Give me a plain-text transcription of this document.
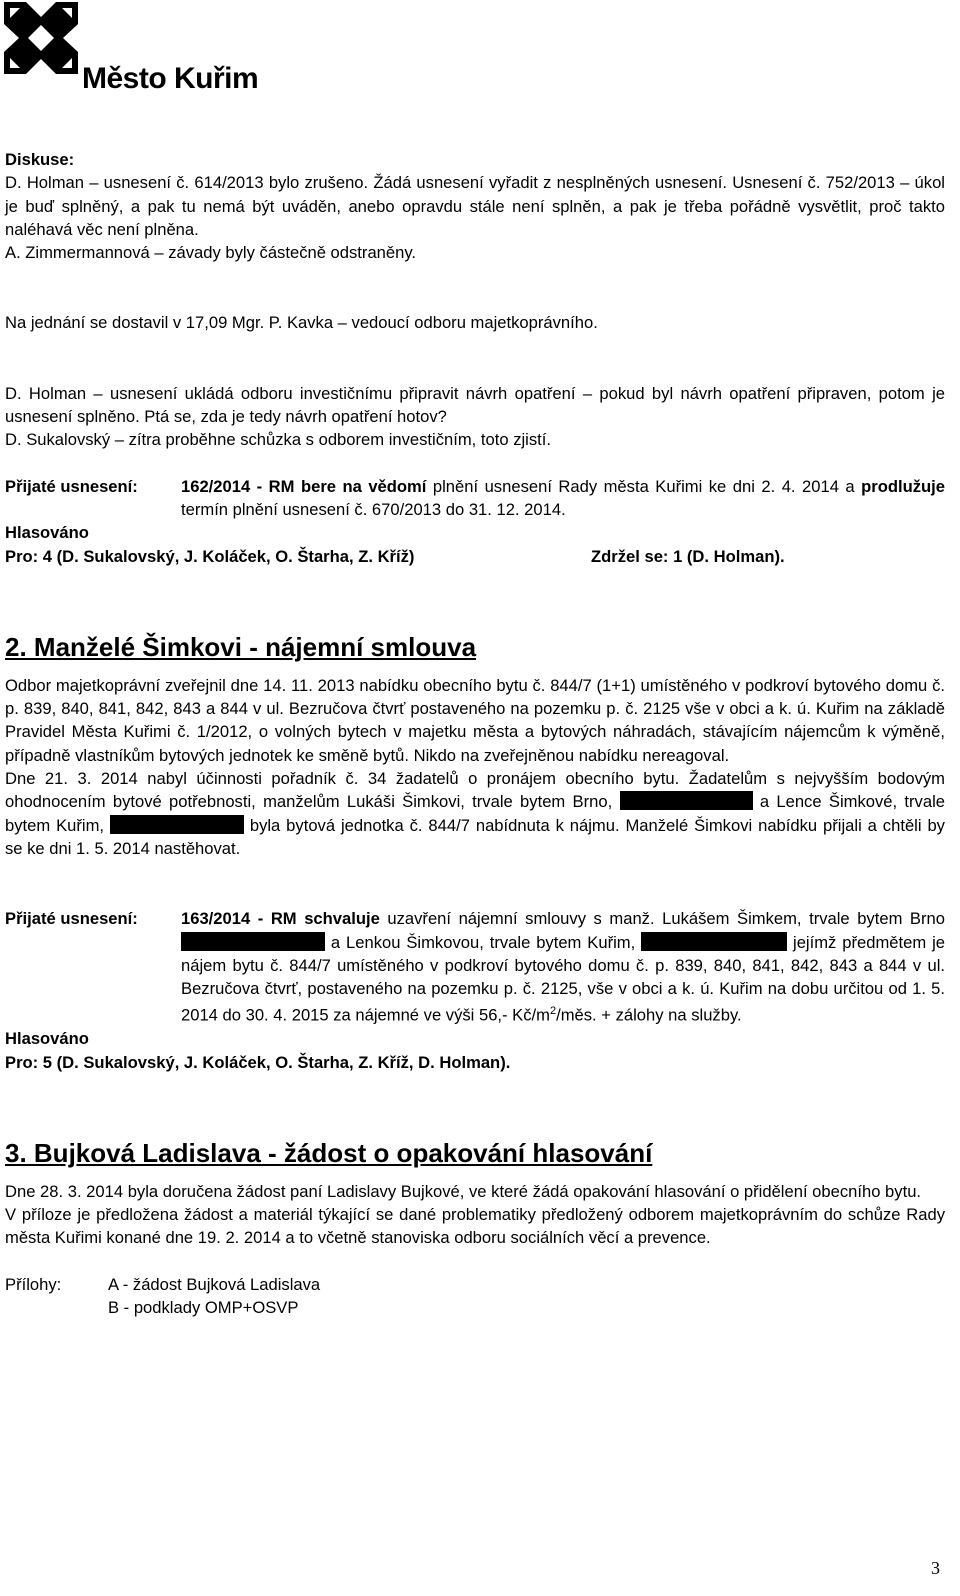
Město Kuřim

Diskuse:

D. Holman – usnesení č. 614/2013 bylo zrušeno. Žádá usnesení vyřadit z nesplněných usnesení. Usnesení č. 752/2013 – úkol je buď splněný, a pak tu nemá být uváděn, anebo opravdu stále není splněn, a pak je třeba pořádně vysvětlit, proč takto naléhavá věc není plněna.

A. Zimmermannová – závady byly částečně odstraněny.

Na jednání se dostavil v 17,09 Mgr. P. Kavka – vedoucí odboru majetkoprávního.

D. Holman – usnesení ukládá odboru investičnímu připravit návrh opatření – pokud byl návrh opatření připraven, potom je usnesení splněno. Ptá se, zda je tedy návrh opatření hotov?

D. Sukalovský – zítra proběhne schůzka s odborem investičním, toto zjistí.

Přijaté usnesení:	162/2014 - RM bere na vědomí plnění usnesení Rady města Kuřimi ke dni 2. 4. 2014 a prodlužuje termín plnění usnesení č. 670/2013 do 31. 12. 2014.

Hlasováno

Pro: 4 (D. Sukalovský, J. Koláček, O. Štarha, Z. Kříž)	Zdržel se: 1 (D. Holman).
2. Manželé Šimkovi - nájemní smlouva

Odbor majetkoprávní zveřejnil dne 14. 11. 2013 nabídku obecního bytu č. 844/7 (1+1) umístěného v podkroví bytového domu č. p. 839, 840, 841, 842, 843 a 844 v ul. Bezručova čtvrť postaveného na pozemku p. č. 2125 vše v obci a k. ú. Kuřim na základě Pravidel Města Kuřimi č. 1/2012, o volných bytech v majetku města a bytových náhradách, stávajícím nájemcům k výměně, případně vlastníkům bytových jednotek ke směně bytů. Nikdo na zveřejněnou nabídku nereagoval.

Dne 21. 3. 2014 nabyl účinnosti pořadník č. 34 žadatelů o pronájem obecního bytu. Žadatelům s nejvyšším bodovým ohodnocením bytové potřebnosti, manželům Lukáši Šimkovi, trvale bytem Brno,	a Lence Šimkové, trvale bytem Kuřim,	byla bytová jednotka č. 844/7 nabídnuta k nájmu. Manželé Šimkovi nabídku přijali a chtěli by se ke dni 1. 5. 2014 nastěhovat.

Přijaté usnesení:	163/2014 - RM schvaluje uzavření nájemní smlouvy s manž. Lukášem Šimkem, trvale bytem Brno  a Lenkou Šimkovou, trvale bytem Kuřim,	jejímž předmětem je nájem bytu č. 844/7 umístěného v podkroví bytového domu č. p. 839, 840, 841, 842, 843 a 844 v ul. Bezručova čtvrť, postaveného na pozemku p. č. 2125, vše v obci a k. ú. Kuřim na dobu určitou od 1. 5. 2014 do 30. 4. 2015 za nájemné ve výši 56,- $Kč/m^2$/měs. + zálohy na služby.

Hlasováno

Pro: 5 (D. Sukalovský, J. Koláček, O. Štarha, Z. Kříž, D. Holman).

3. Bujková Ladislava - žádost o opakování hlasování

Dne 28. 3. 2014 byla doručena žádost paní Ladislavy Bujkové, ve které žádá opakování hlasování o přidělení obecního bytu.

V příloze je předložena žádost a materiál týkající se dané problematiky předložený odborem majetkoprávním do schůze Rady města Kuřimi konané dne 19. 2. 2014 a to včetně stanoviska odboru sociálních věcí a prevence.

Přílohy:	A - žádost Bujková Ladislava

B - podklady OMP+OSVP

3
